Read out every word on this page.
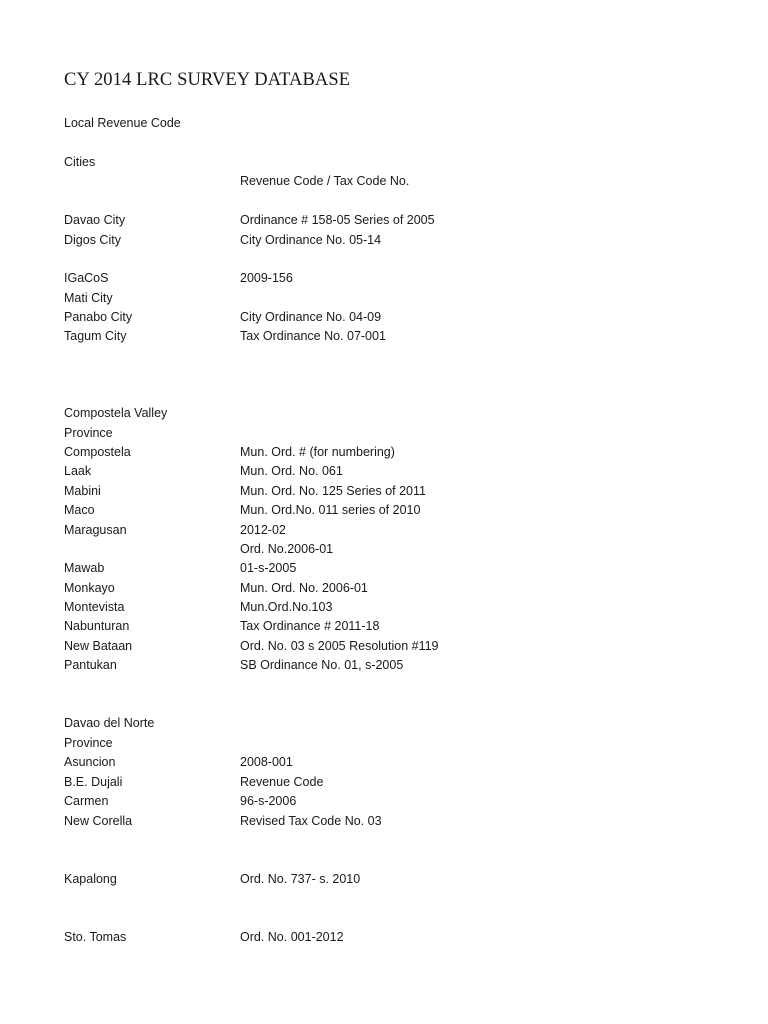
CY 2014 LRC SURVEY DATABASE
Local Revenue Code
Cities
Revenue Code / Tax Code No.
Davao City	Ordinance # 158-05 Series of 2005
Digos City	City Ordinance No. 05-14
IGaCoS	2009-156
Mati City
Panabo City	City Ordinance No. 04-09
Tagum City	Tax Ordinance No. 07-001
Compostela Valley
Province
Compostela	Mun. Ord. # (for numbering)
Laak	Mun. Ord. No. 061
Mabini	Mun. Ord. No. 125 Series of 2011
Maco	Mun. Ord.No. 011 series of 2010
Maragusan	2012-02
Ord. No.2006-01
Mawab	01-s-2005
Monkayo	Mun. Ord. No. 2006-01
Montevista	Mun.Ord.No.103
Nabunturan	Tax Ordinance # 2011-18
New Bataan	Ord. No. 03 s 2005 Resolution #119
Pantukan	SB Ordinance No. 01, s-2005
Davao del Norte
Province
Asuncion	2008-001
B.E. Dujali	Revenue Code
Carmen	96-s-2006
New Corella	Revised Tax Code No. 03
Kapalong	Ord. No. 737- s. 2010
Sto. Tomas	Ord. No. 001-2012
